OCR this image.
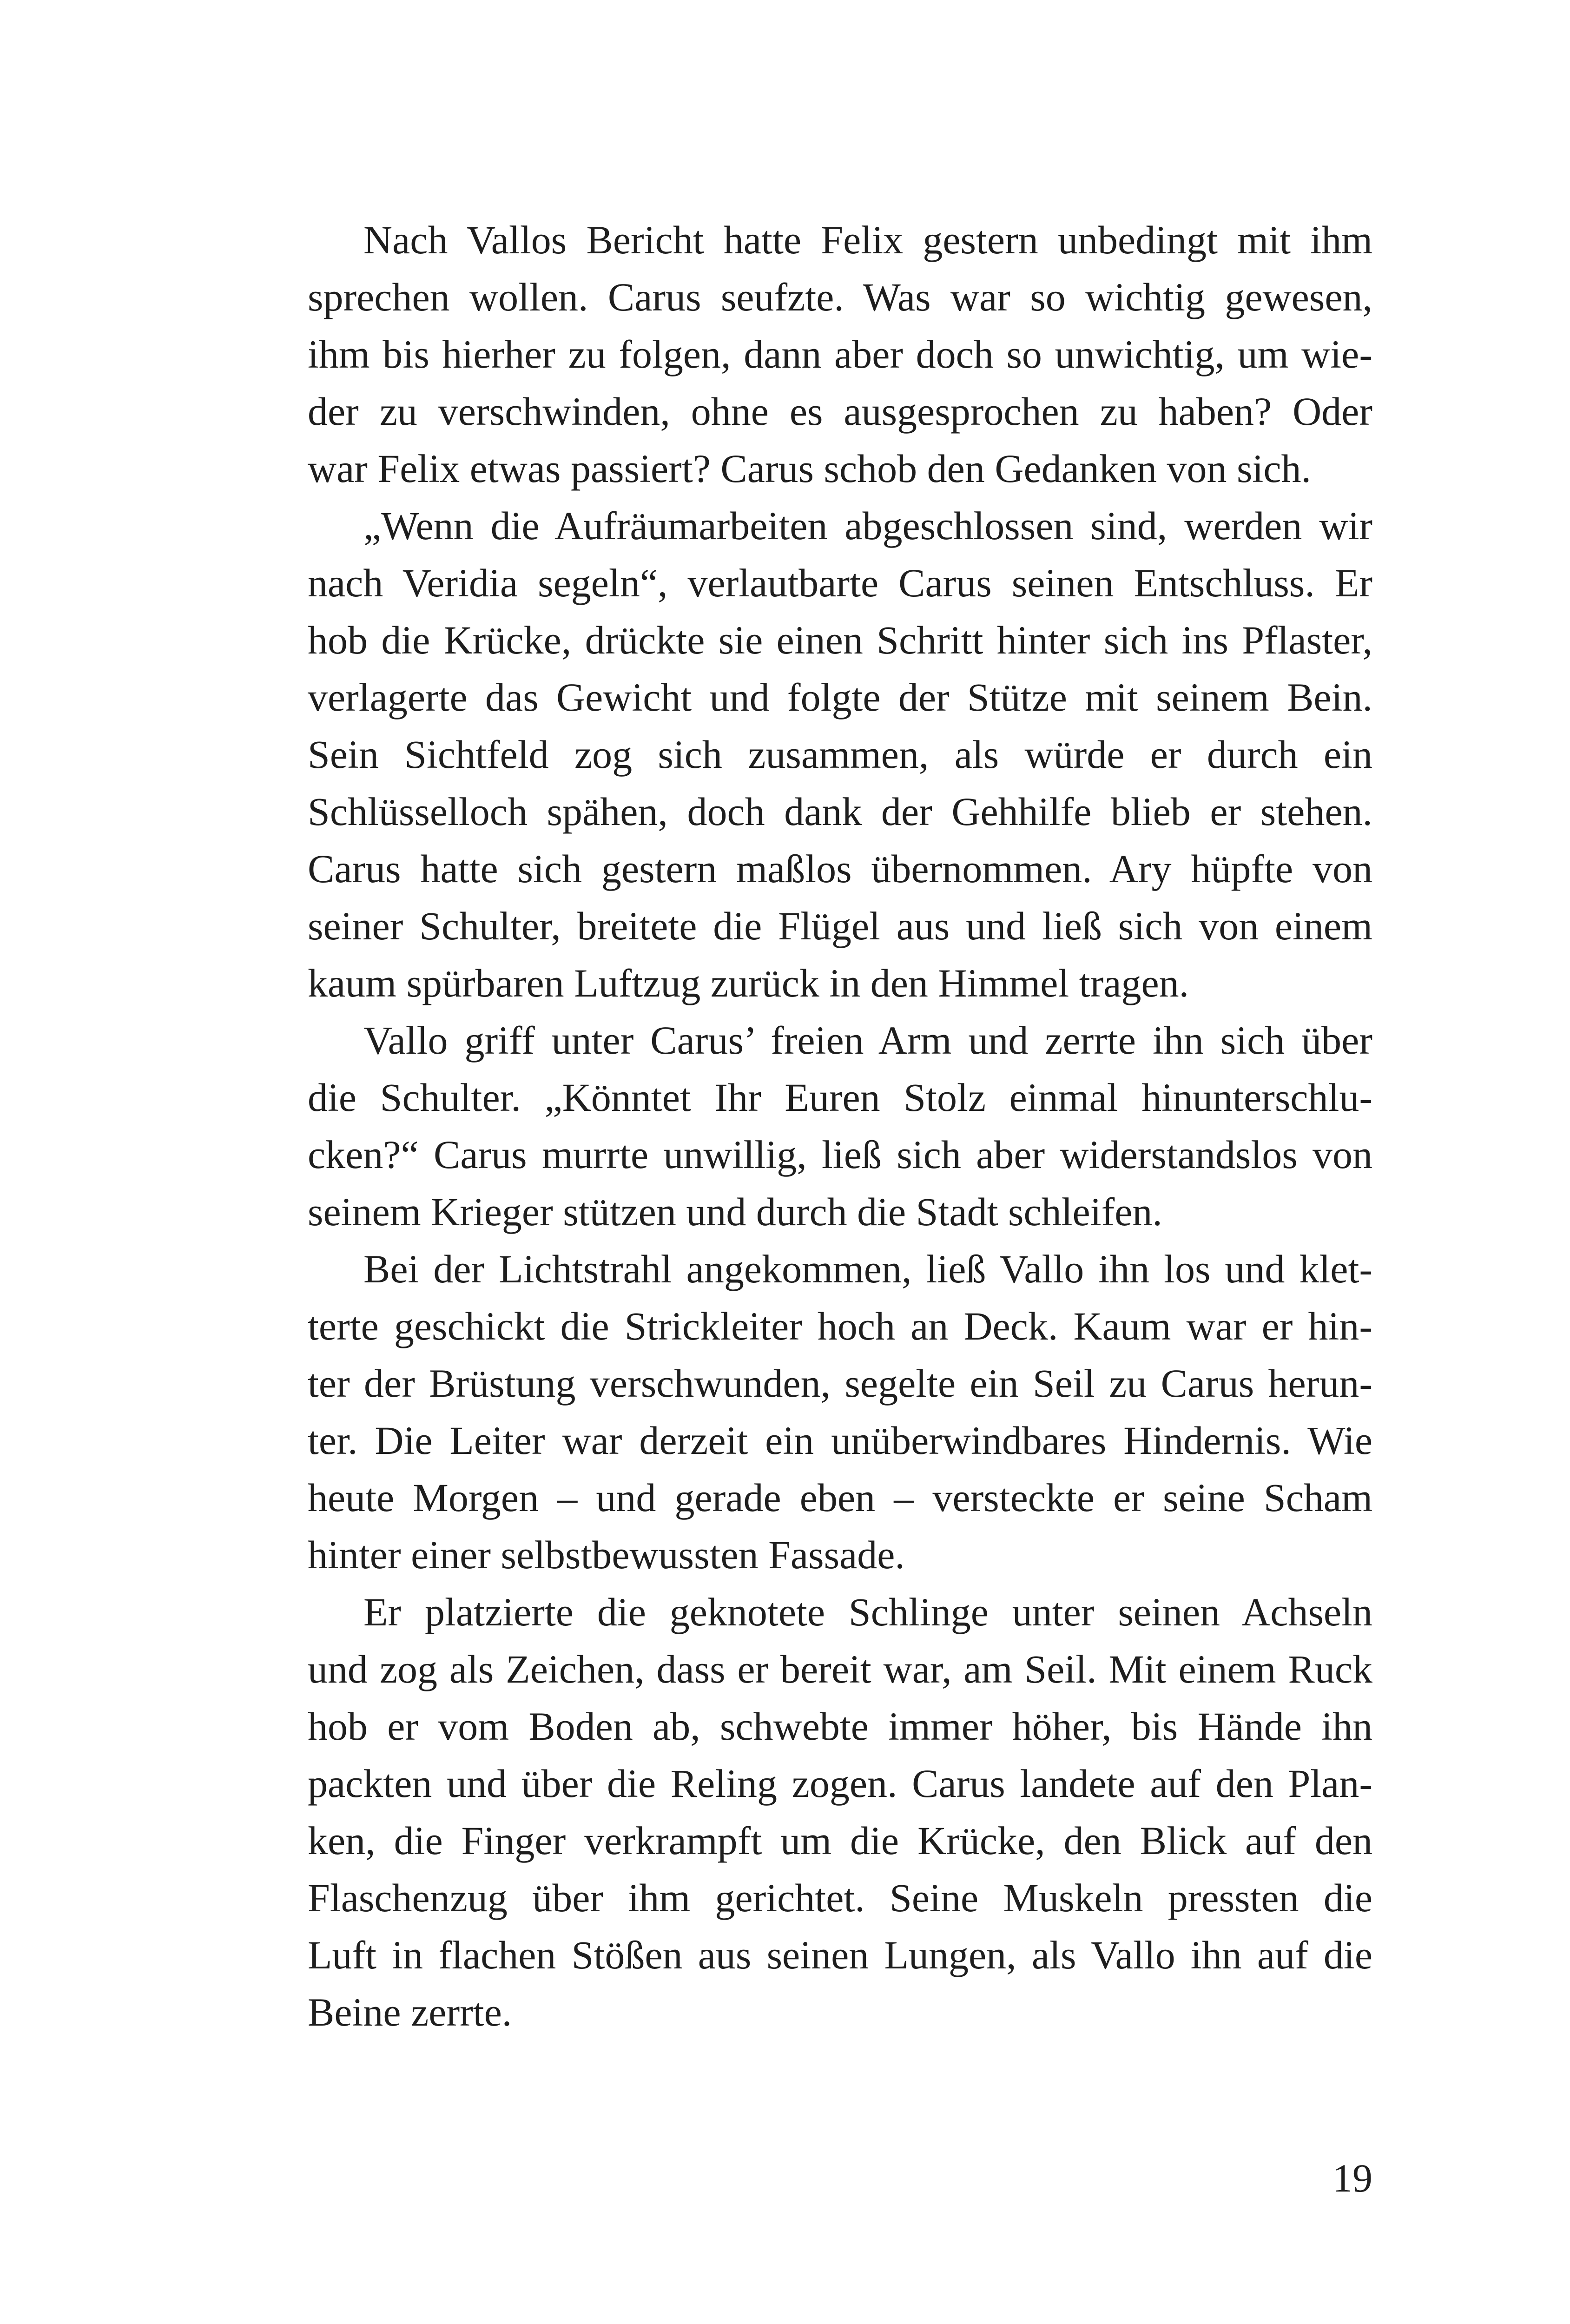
Nach Vallos Bericht hatte Felix gestern unbedingt mit ihm
sprechen wollen. Carus seufzte. Was war so wichtig gewesen,
ihm bis hierher zu folgen, dann aber doch so unwichtig, um wie-
der zu verschwinden, ohne es ausgesprochen zu haben? Oder
war Felix etwas passiert? Carus schob den Gedanken von sich.
„Wenn die Aufräumarbeiten abgeschlossen sind, werden wir
nach Veridia segeln“, verlautbarte Carus seinen Entschluss. Er
hob die Krücke, drückte sie einen Schritt hinter sich ins Pflaster,
verlagerte das Gewicht und folgte der Stütze mit seinem Bein.
Sein Sichtfeld zog sich zusammen, als würde er durch ein
Schlüsselloch spähen, doch dank der Gehhilfe blieb er stehen.
Carus hatte sich gestern maßlos übernommen. Ary hüpfte von
seiner Schulter, breitete die Flügel aus und ließ sich von einem
kaum spürbaren Luftzug zurück in den Himmel tragen.
Vallo griff unter Carus’ freien Arm und zerrte ihn sich über
die Schulter. „Könntet Ihr Euren Stolz einmal hinunterschlu-
cken?“ Carus murrte unwillig, ließ sich aber widerstandslos von
seinem Krieger stützen und durch die Stadt schleifen.
Bei der Lichtstrahl angekommen, ließ Vallo ihn los und klet-
terte geschickt die Strickleiter hoch an Deck. Kaum war er hin-
ter der Brüstung verschwunden, segelte ein Seil zu Carus herun-
ter. Die Leiter war derzeit ein unüberwindbares Hindernis. Wie
heute Morgen – und gerade eben – versteckte er seine Scham
hinter einer selbstbewussten Fassade.
Er platzierte die geknotete Schlinge unter seinen Achseln
und zog als Zeichen, dass er bereit war, am Seil. Mit einem Ruck
hob er vom Boden ab, schwebte immer höher, bis Hände ihn
packten und über die Reling zogen. Carus landete auf den Plan-
ken, die Finger verkrampft um die Krücke, den Blick auf den
Flaschenzug über ihm gerichtet. Seine Muskeln pressten die
Luft in flachen Stößen aus seinen Lungen, als Vallo ihn auf die
Beine zerrte.
19
